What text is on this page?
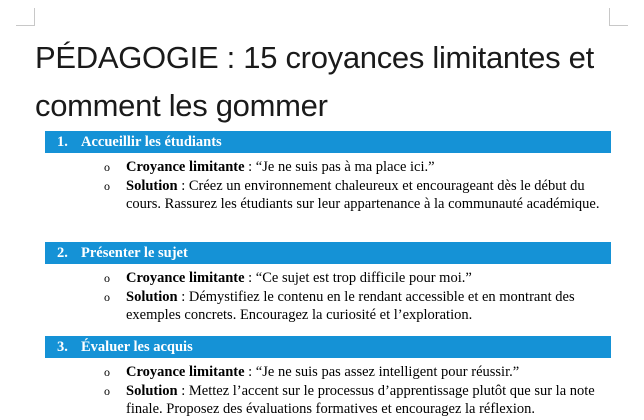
PÉDAGOGIE : 15 croyances limitantes et comment les gommer
1. Accueillir les étudiants
o Croyance limitante : “Je ne suis pas à ma place ici.”
o Solution : Créez un environnement chaleureux et encourageant dès le début du cours. Rassurez les étudiants sur leur appartenance à la communauté académique.
2. Présenter le sujet
o Croyance limitante : “Ce sujet est trop difficile pour moi.”
o Solution : Démystifiez le contenu en le rendant accessible et en montrant des exemples concrets. Encouragez la curiosité et l’exploration.
3. Évaluer les acquis
o Croyance limitante : “Je ne suis pas assez intelligent pour réussir.”
o Solution : Mettez l’accent sur le processus d’apprentissage plutôt que sur la note finale. Proposez des évaluations formatives et encouragez la réflexion.
